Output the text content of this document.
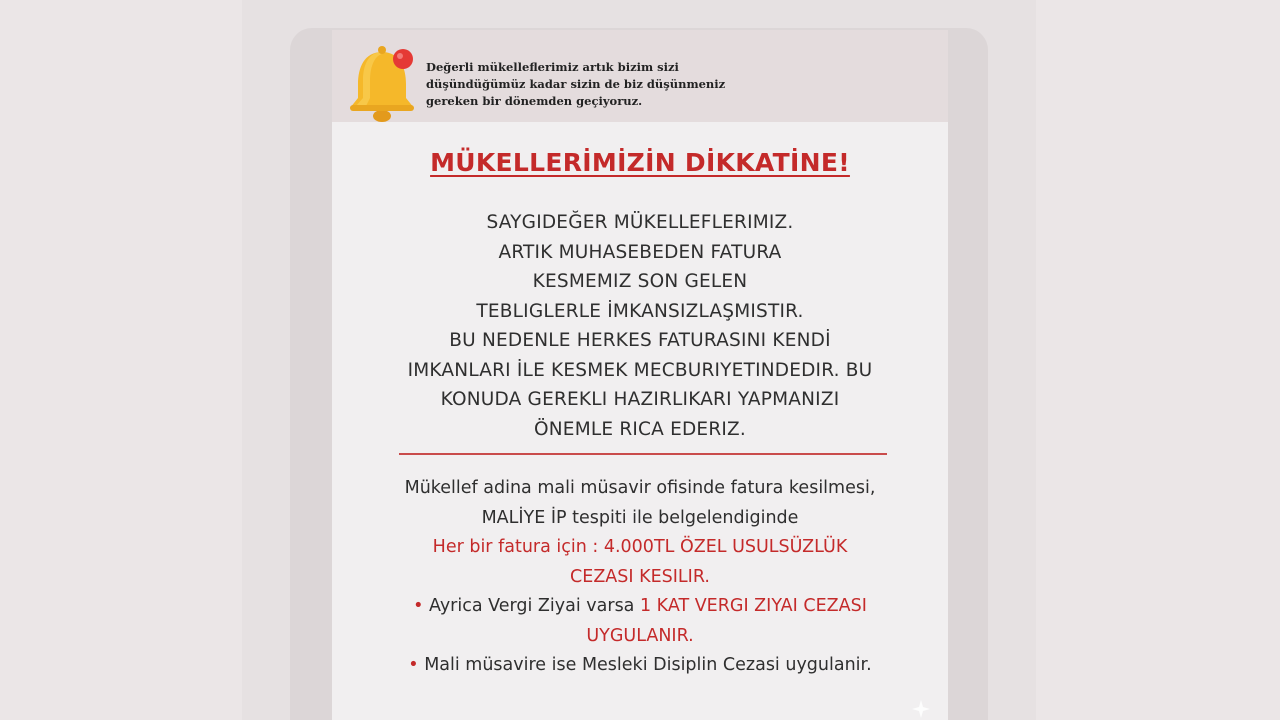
Değerli mükelleflerimiz artık bizim sizi
düşündüğümüz kadar sizin de biz düşünmeniz
gereken bir dönemden geçiyoruz.
MÜKELLERİMİZİN DİKKATİNE!
SAYGIDEĞER MÜKELLEFLERIMIZ.
ARTIK MUHASEBEDEN FATURA
KESMEMIZ SON GELEN
TEBLIGLERLE İMKANSIZLAŞMISTIR.
BU NEDENLE HERKES FATURASINI KENDİ
IMKANLARI İLE KESMEK MECBURIYETINDEDIR. BU
KONUDA GEREKLI HAZIRLIKARI YAPMANIZI
ÖNEMLE RICA EDERIZ.
Mükellef adina mali müsavir ofisinde fatura kesilmesi,
MALİYE İP tespiti ile belgelendiginde
Her bir fatura için : 4.000TL ÖZEL USULSÜZLÜK
CEZASI KESILIR.
• Ayrica Vergi Ziyai varsa 1 KAT VERGI ZIYAI CEZASI
UYGULANIR.
• Mali müsavire ise Mesleki Disiplin Cezasi uygulanir.
